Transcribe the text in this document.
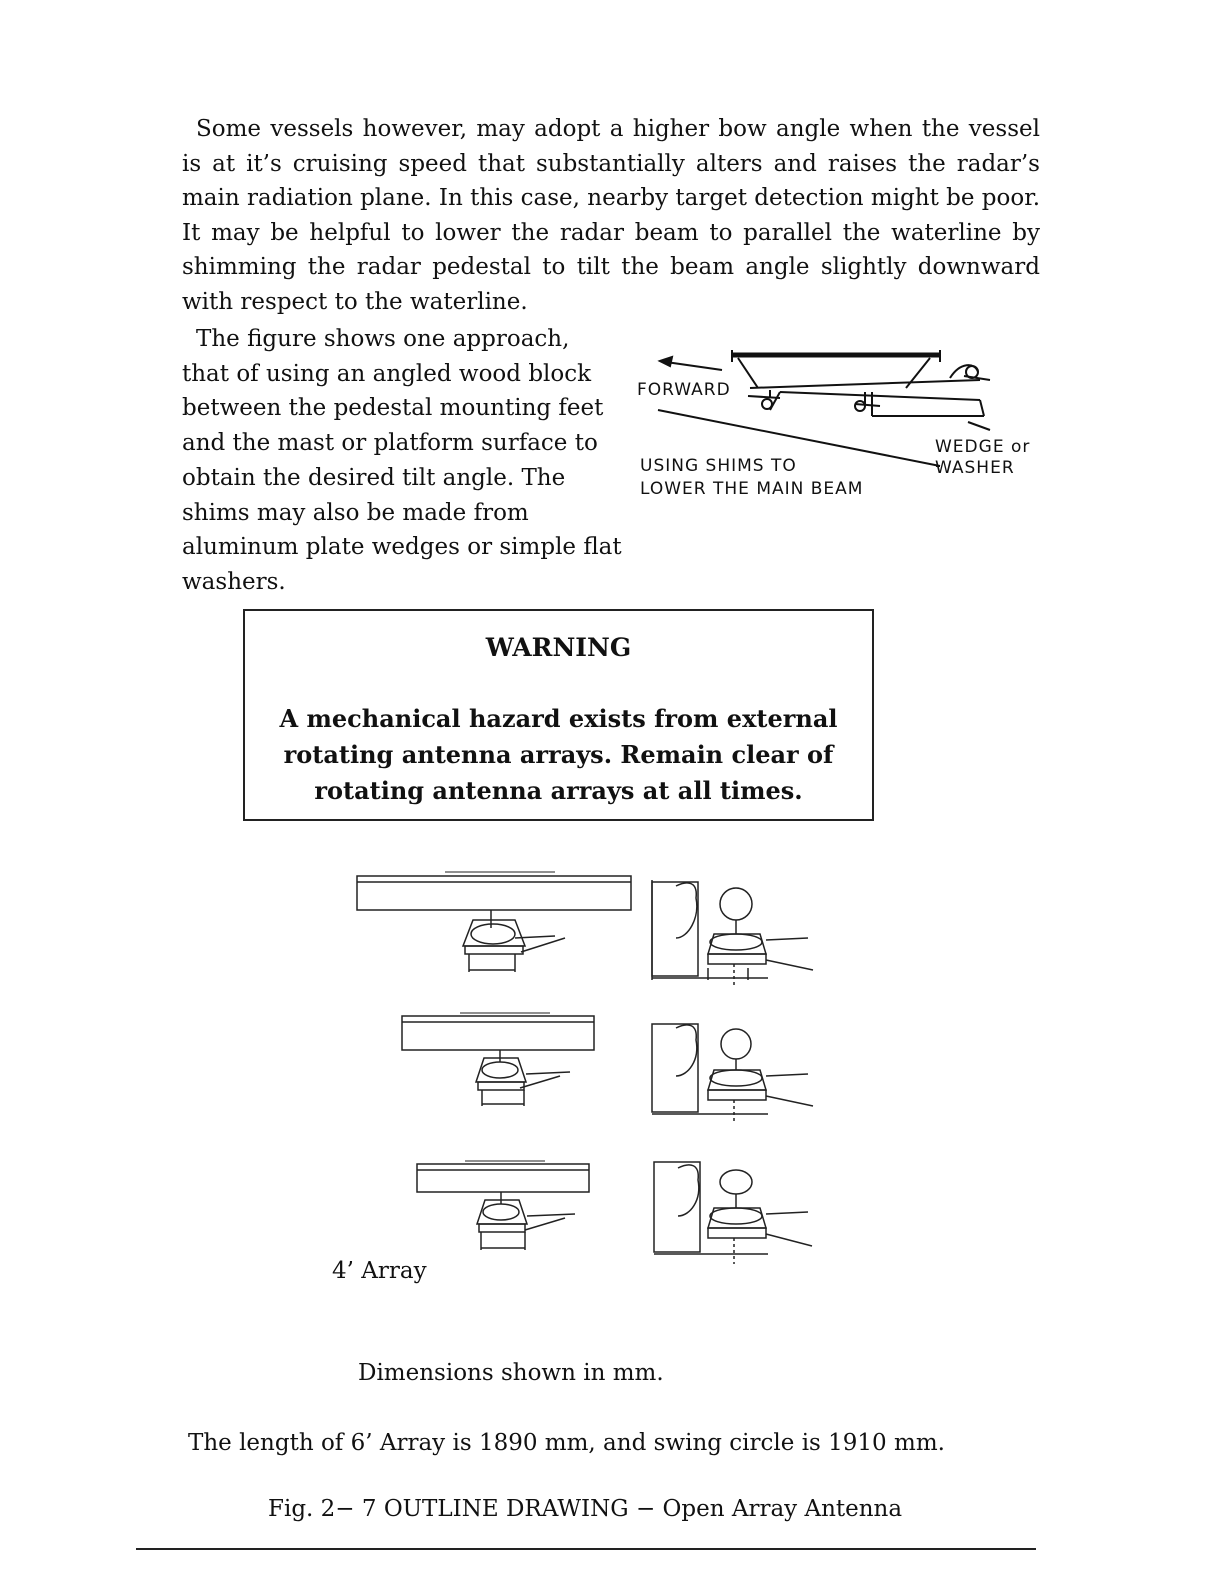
Some vessels however, may adopt a higher bow angle when the vessel is at it’s cruising speed that substantially alters and raises the radar’s main radiation plane. In this case, nearby target detection might be poor. It may be helpful to lower the radar beam to parallel the waterline by shimming the radar pedestal to tilt the beam angle slightly downward with respect to the waterline.

The figure shows one approach, that of using an angled wood block between the pedestal mounting feet and the mast or platform surface to obtain the desired tilt angle. The shims may also be made from aluminum plate wedges or simple flat washers.

FORWARD
WEDGE or
WASHER
USING SHIMS TO
LOWER THE MAIN BEAM
WARNING
A mechanical hazard exists from external rotating antenna arrays. Remain clear of rotating antenna arrays at all times.
4’ Array
Dimensions shown in mm.
The length of 6’ Array is 1890 mm, and swing circle is 1910 mm.
Fig. 2− 7 OUTLINE DRAWING − Open Array Antenna
